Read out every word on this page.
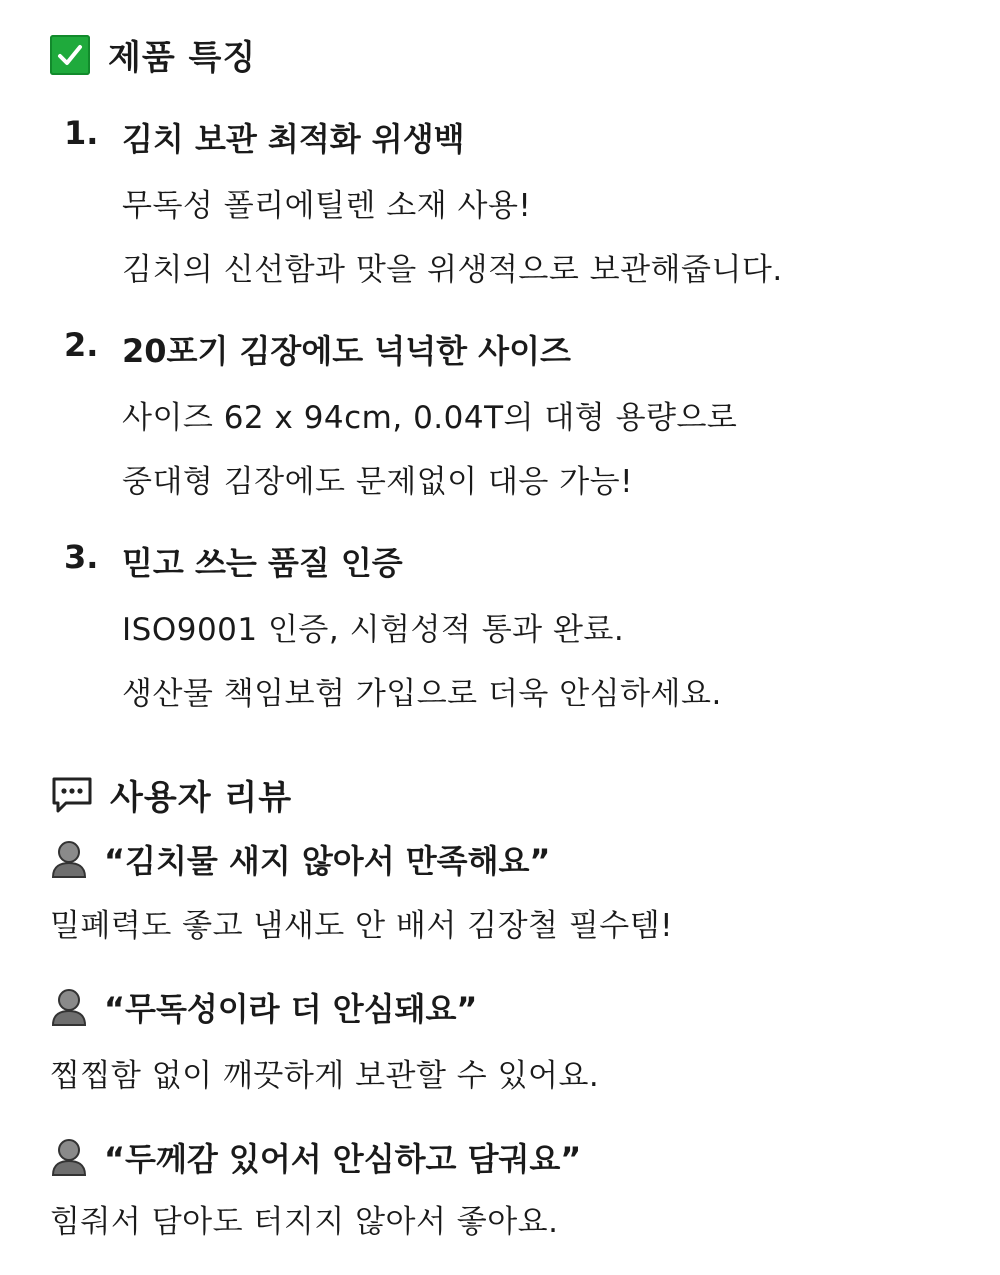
제품 특징
1. 김치 보관 최적화 위생백
무독성 폴리에틸렌 소재 사용!
김치의 신선함과 맛을 위생적으로 보관해줍니다.
2. 20포기 김장에도 넉넉한 사이즈
사이즈 62 x 94cm, 0.04T의 대형 용량으로
중대형 김장에도 문제없이 대응 가능!
3. 믿고 쓰는 품질 인증
ISO9001 인증, 시험성적 통과 완료.
생산물 책임보험 가입으로 더욱 안심하세요.
사용자 리뷰
“김치물 새지 않아서 만족해요”
밀폐력도 좋고 냄새도 안 배서 김장철 필수템!
“무독성이라 더 안심돼요”
찝찝함 없이 깨끗하게 보관할 수 있어요.
“두께감 있어서 안심하고 담궈요”
힘줘서 담아도 터지지 않아서 좋아요.
